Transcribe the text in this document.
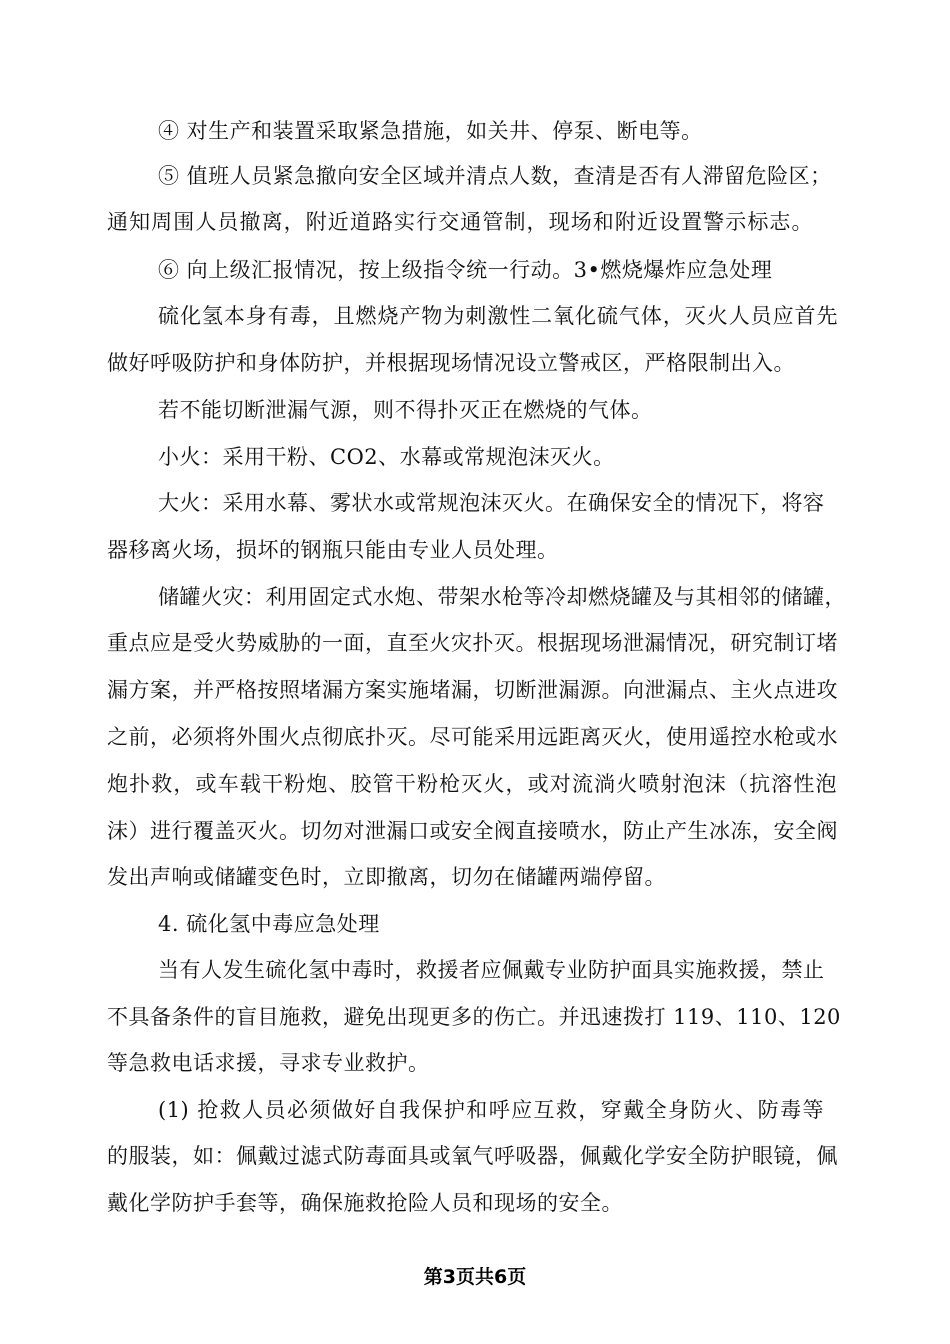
④ 对生产和装置采取紧急措施，如关井、停泵、断电等。

⑤ 值班人员紧急撤向安全区域并清点人数，查清是否有人滞留危险区；

通知周围人员撤离，附近道路实行交通管制，现场和附近设置警示标志。

⑥ 向上级汇报情况，按上级指令统一行动。3•燃烧爆炸应急处理

硫化氢本身有毒，且燃烧产物为刺激性二氧化硫气体，灭火人员应首先

做好呼吸防护和身体防护，并根据现场情况设立警戒区，严格限制出入。

若不能切断泄漏气源，则不得扑灭正在燃烧的气体。

小火：采用干粉、CO2、水幕或常规泡沫灭火。

大火：采用水幕、雾状水或常规泡沫灭火。在确保安全的情况下，将容

器移离火场，损坏的钢瓶只能由专业人员处理。

储罐火灾：利用固定式水炮、带架水枪等冷却燃烧罐及与其相邻的储罐，

重点应是受火势威胁的一面，直至火灾扑灭。根据现场泄漏情况，研究制订堵

漏方案，并严格按照堵漏方案实施堵漏，切断泄漏源。向泄漏点、主火点进攻

之前，必须将外围火点彻底扑灭。尽可能采用远距离灭火，使用遥控水枪或水

炮扑救，或车载干粉炮、胶管干粉枪灭火，或对流淌火喷射泡沫（抗溶性泡

沫）进行覆盖灭火。切勿对泄漏口或安全阀直接喷水，防止产生冰冻，安全阀

发出声响或储罐变色时，立即撤离，切勿在储罐两端停留。

4. 硫化氢中毒应急处理

当有人发生硫化氢中毒时，救援者应佩戴专业防护面具实施救援，禁止

不具备条件的盲目施救，避免出现更多的伤亡。并迅速拨打 119、110、120

等急救电话求援，寻求专业救护。

(1) 抢救人员必须做好自我保护和呼应互救，穿戴全身防火、防毒等

的服装，如：佩戴过滤式防毒面具或氧气呼吸器，佩戴化学安全防护眼镜，佩

戴化学防护手套等，确保施救抢险人员和现场的安全。

第3页共6页
